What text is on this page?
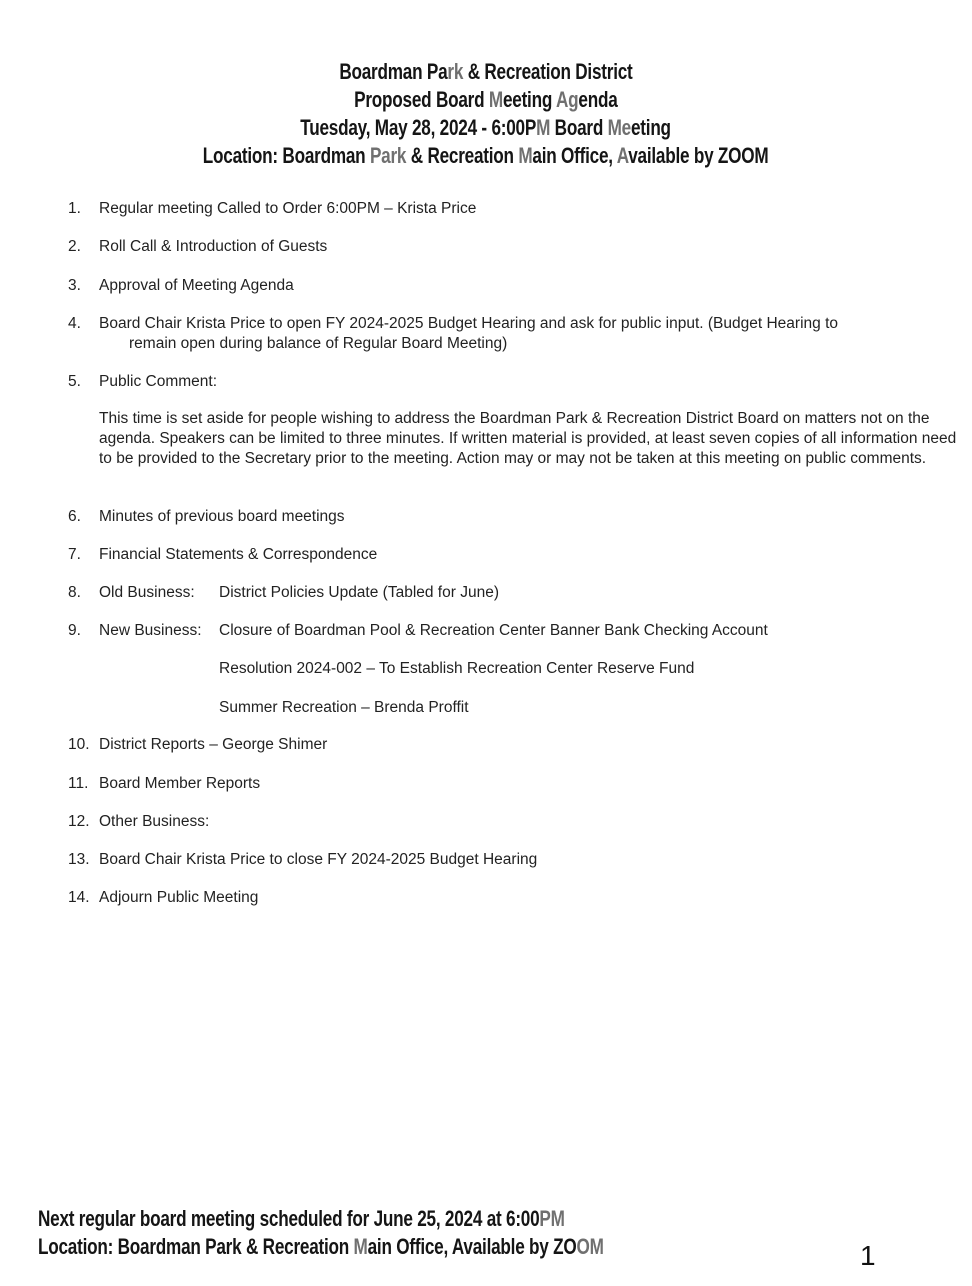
Boardman Park & Recreation District
Proposed Board Meeting Agenda
Tuesday, May 28, 2024 - 6:00PM Board Meeting
Location: Boardman Park & Recreation Main Office, Available by ZOOM
1. Regular meeting Called to Order 6:00PM – Krista Price
2. Roll Call & Introduction of Guests
3. Approval of Meeting Agenda
4. Board Chair Krista Price to open FY 2024-2025 Budget Hearing and ask for public input. (Budget Hearing to
remain open during balance of Regular Board Meeting)
5. Public Comment:
This time is set aside for people wishing to address the Boardman Park & Recreation District Board on matters not on the agenda. Speakers can be limited to three minutes. If written material is provided, at least seven copies of all information need to be provided to the Secretary prior to the meeting. Action may or may not be taken at this meeting on public comments.
6. Minutes of previous board meetings
7. Financial Statements & Correspondence
8. Old Business: District Policies Update (Tabled for June)
9. New Business: Closure of Boardman Pool & Recreation Center Banner Bank Checking Account
Resolution 2024-002 – To Establish Recreation Center Reserve Fund
Summer Recreation – Brenda Proffit
10. District Reports – George Shimer
11. Board Member Reports
12. Other Business:
13. Board Chair Krista Price to close FY 2024-2025 Budget Hearing
14. Adjourn Public Meeting
Next regular board meeting scheduled for June 25, 2024 at 6:00PM
Location: Boardman Park & Recreation Main Office, Available by ZOOM	1
